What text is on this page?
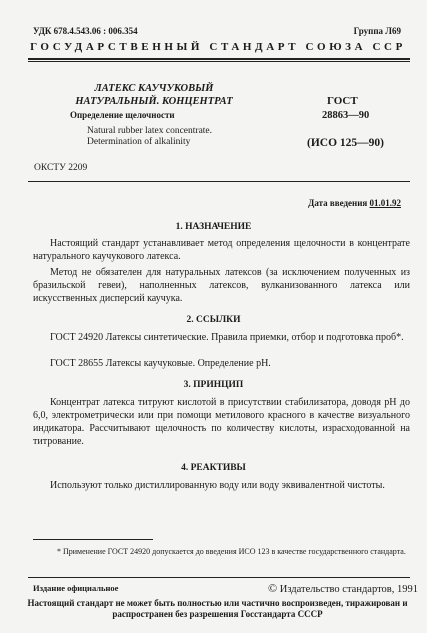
УДК 678.4.543.06 : 006.354	Группа Л69
ГОСУДАРСТВЕННЫЙ СТАНДАРТ СОЮЗА ССР
ЛАТЕКС КАУЧУКОВЫЙ НАТУРАЛЬНЫЙ. КОНЦЕНТРАТ	ГОСТ
Определение щелочности	28863—90
Natural rubber latex concentrate. Determination of alkalinity	(ИСО 125—90)
ОКСТУ 2209
Дата введения 01.01.92
1. НАЗНАЧЕНИЕ

Настоящий стандарт устанавливает метод определения щелочности в концентрате натурального каучукового латекса.

Метод не обязателен для натуральных латексов (за исключением полученных из бразильской гевеи), наполненных латексов, вулканизованного латекса или искусственных дисперсий каучука.

2. ССЫЛКИ

ГОСТ 24920 Латексы синтетические. Правила приемки, отбор и подготовка проб*.

ГОСТ 28655 Латексы каучуковые. Определение рН.

3. ПРИНЦИП

Концентрат латекса титруют кислотой в присутствии стабилизатора, доводя рН до 6,0, электрометрически или при помощи метилового красного в качестве визуального индикатора. Рассчитывают щелочность по количеству кислоты, израсходованной на титрование.

4. РЕАКТИВЫ

Используют только дистиллированную воду или воду эквивалентной чистоты.

* Применение ГОСТ 24920 допускается до введения ИСО 123 в качестве государственного стандарта.

Издание официальное	© Издательство стандартов, 1991
Настоящий стандарт не может быть полностью или частично воспроизведен, тиражирован и распространен без разрешения Госстандарта СССР
